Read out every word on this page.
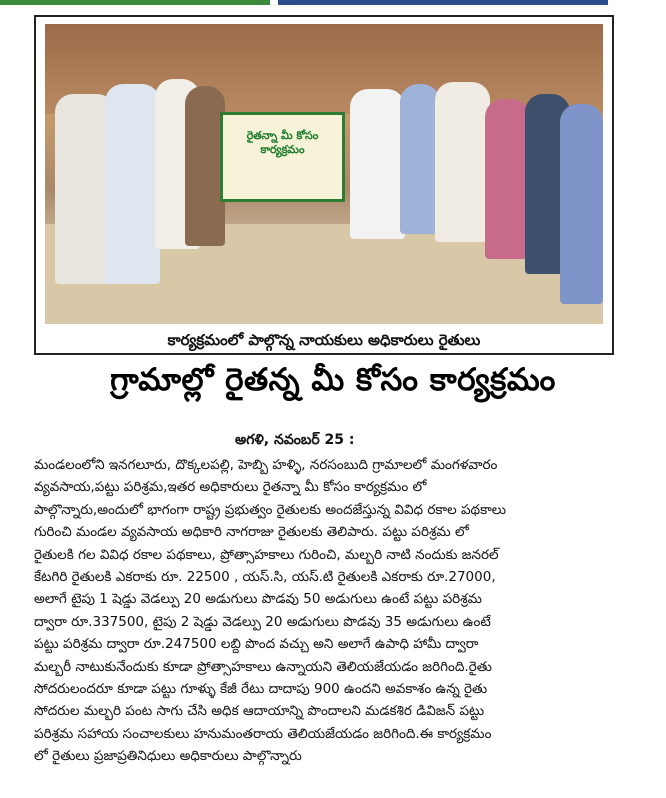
రైతన్నా మీ కోసం కార్యక్రమం
కార్యక్రమంలో పాల్గొన్న నాయకులు అధికారులు రైతులు
గ్రామాల్లో రైతన్న మీ కోసం కార్యక్రమం
అగళి, నవంబర్ 25 :
మండలంలోని ఇనగలూరు, దొక్కలపల్లి, హెబ్బి హళ్ళి, నరసంబుది గ్రామాలలో మంగళవారం
వ్యవసాయ,పట్టు పరిశ్రమ,ఇతర అధికారులు రైతన్నా మీ కోసం కార్యక్రమం లో
పాల్గొన్నారు,అందులో భాగంగా రాష్ట్ర ప్రభుత్వం రైతులకు అందజేస్తున్న వివిధ రకాల పథకాలు
గురించి మండల వ్యవసాయ అధికారి నాగరాజు రైతులకు తెలిపారు. పట్టు పరిశ్రమ లో
రైతులకి గల వివిధ రకాల పథకాలు, ప్రోత్సాహకాలు గురించి, మల్బరి నాటి నందుకు జనరల్
కేటగిరి రైతులకి ఎకరాకు రూ. 22500 , యస్.సి, యస్.టి రైతులకి ఎకరాకు రూ.27000,
అలాగే టైపు 1 షెడ్డు వెడల్పు 20 అడుగులు పొడవు 50 అడుగులు ఉంటే పట్టు పరిశ్రమ
ద్వారా రూ.337500, టైపు 2 షెడ్డు వెడల్పు 20 అడుగులు పొడవు 35 అడుగులు ఉంటే
పట్టు పరిశ్రమ ద్వారా రూ.247500 లబ్ది పొంద వచ్చు అని అలాగే ఉపాధి హామీ ద్వారా
మల్బరీ నాటుకునేందుకు కూడా ప్రోత్సాహకాలు ఉన్నాయని తెలియజేయడం జరిగింది.రైతు
సోదరులందరూ కూడా పట్టు గూళ్ళు కేజీ రేటు దాదాపు 900 ఉందని అవకాశం ఉన్న రైతు
సోదరుల మల్బరి పంట సాగు చేసి అధిక ఆదాయాన్ని పొందాలని మడకశిర డివిజన్ పట్టు
పరిశ్రమ సహాయ సంచాలకులు హనుమంతరాయ తెలియజేయడం జరిగింది.ఈ కార్యక్రమం
లో రైతులు ప్రజాప్రతినిధులు అధికారులు పాల్గొన్నారు
